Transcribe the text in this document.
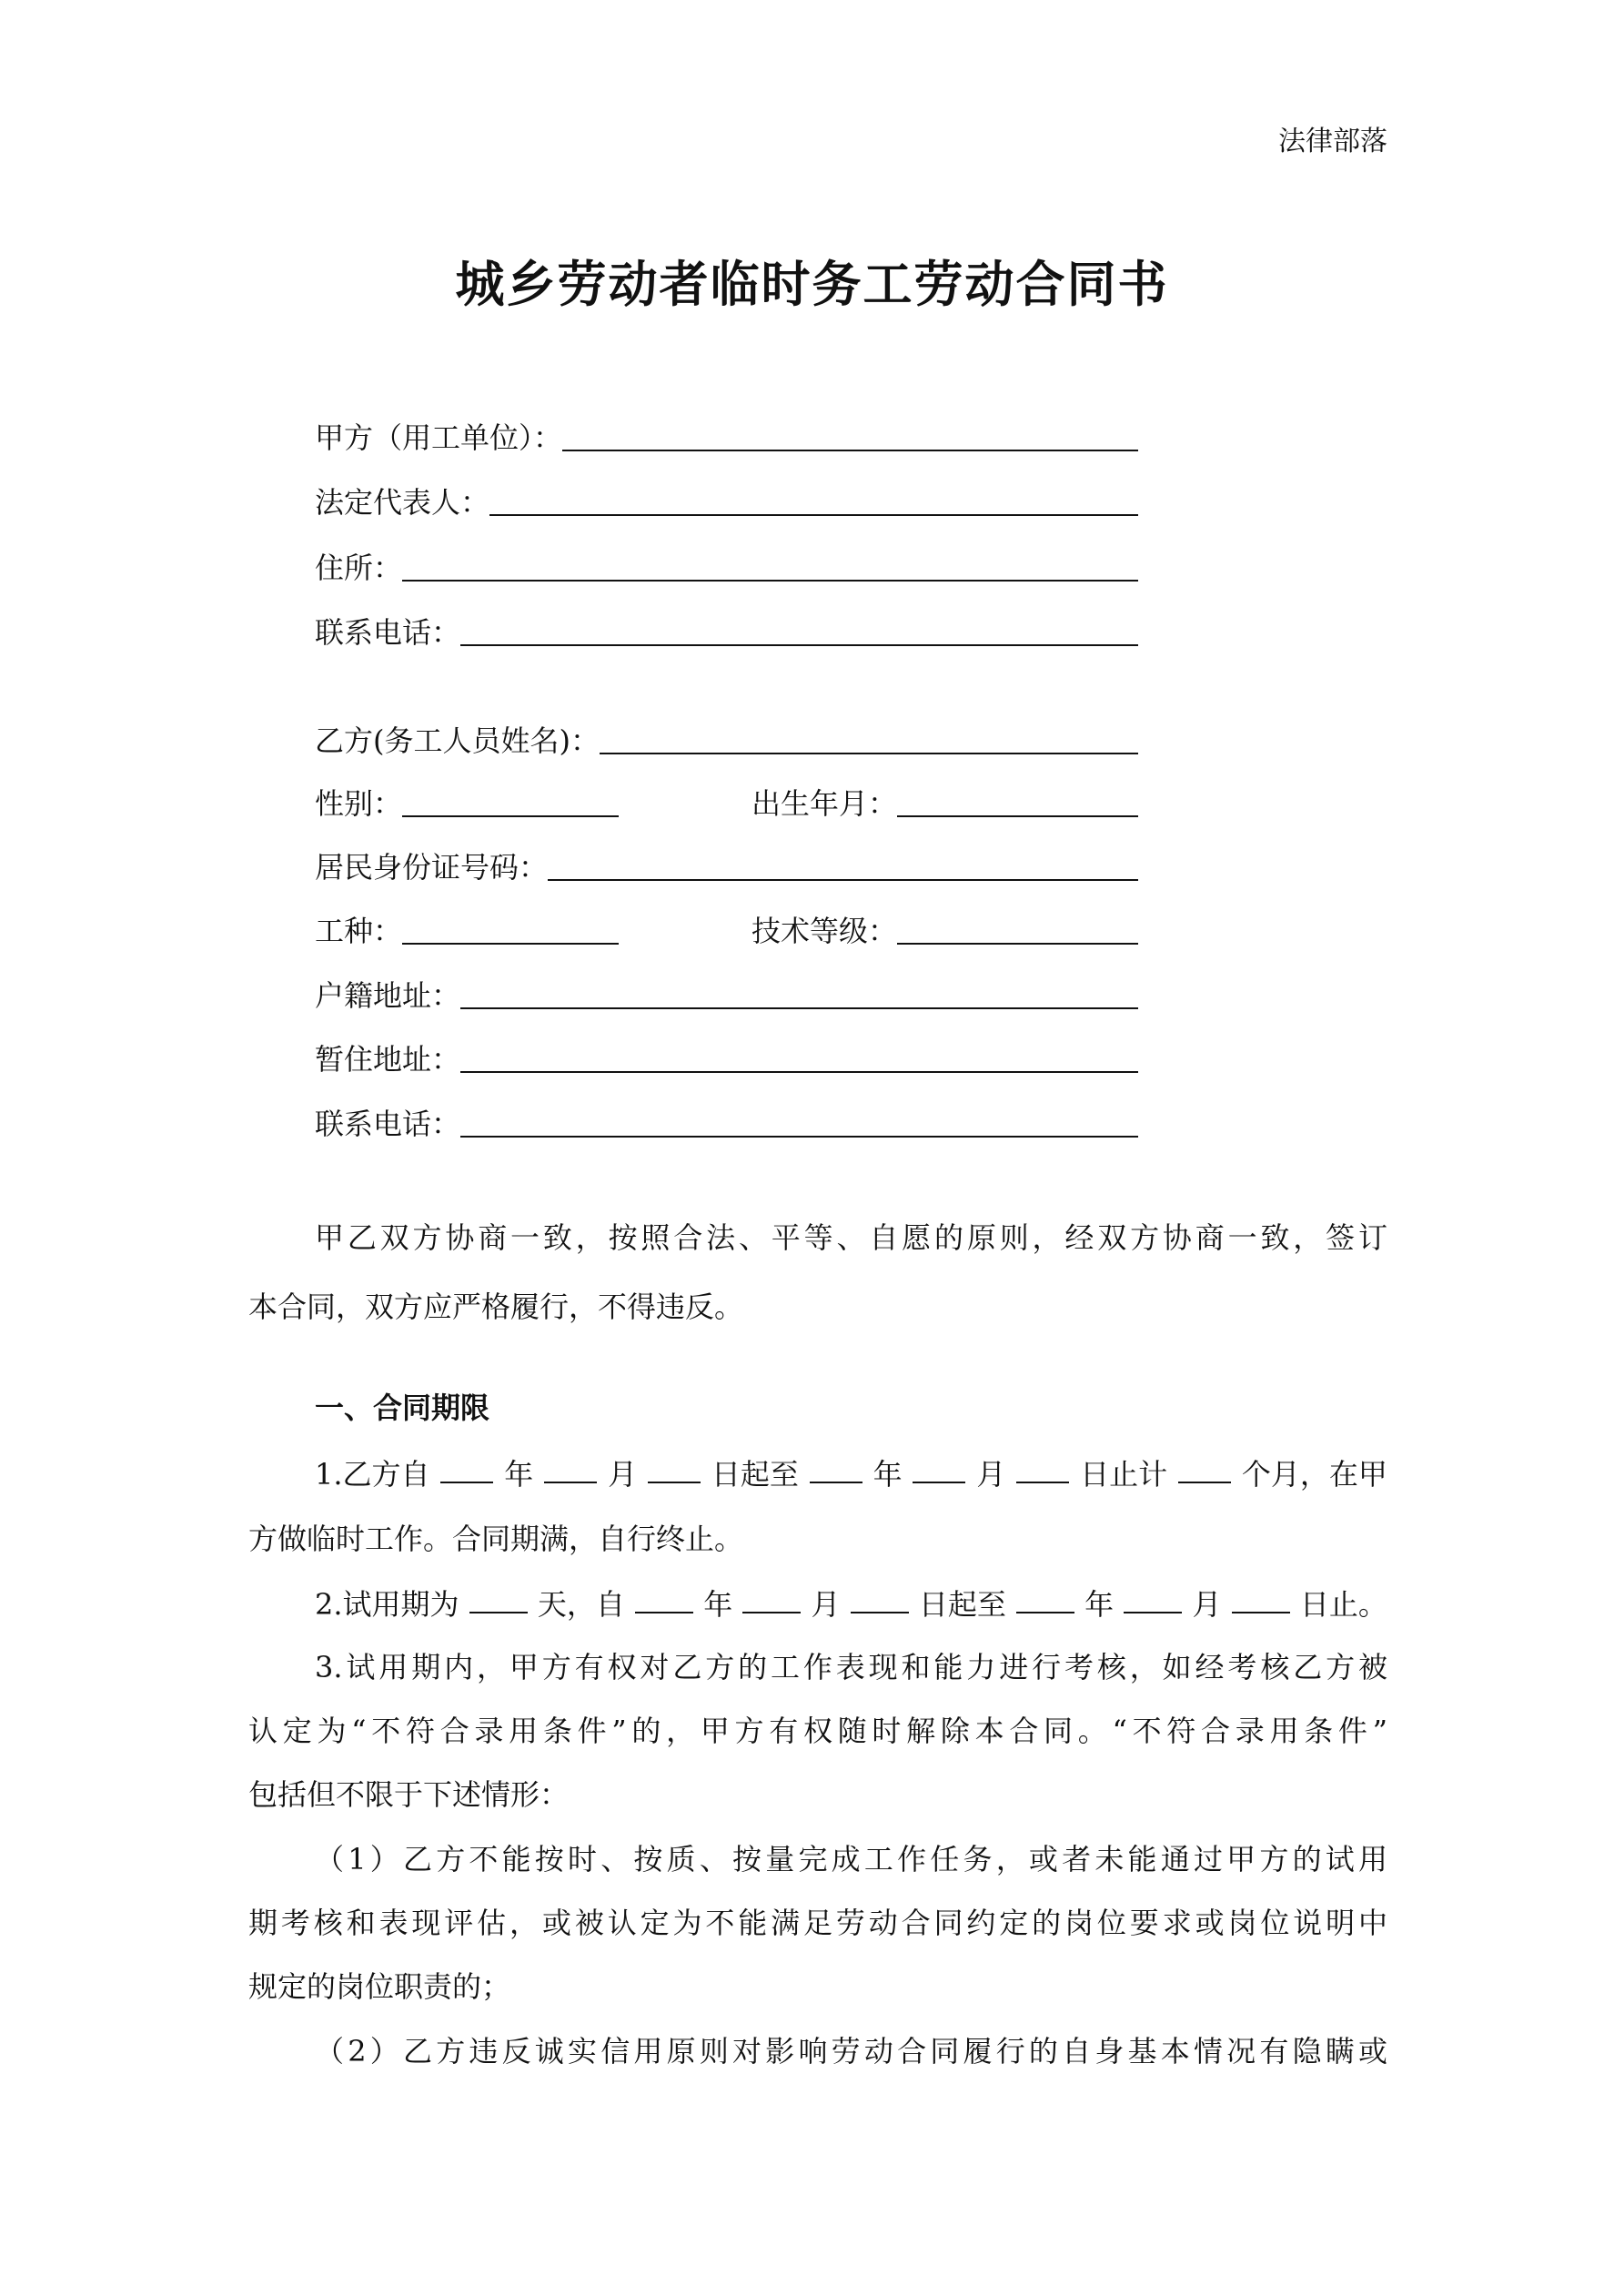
法律部落
城乡劳动者临时务工劳动合同书
甲方（用工单位）：
法定代表人：
住所：
联系电话：
乙方(务工人员姓名)：
性别：	出生年月：
居民身份证号码：
工种：	技术等级：
户籍地址：
暂住地址：
联系电话：
甲乙双方协商一致，按照合法、平等、自愿的原则，经双方协商一致，签订
本合同，双方应严格履行，不得违反。
一、合同期限
1.乙方自	年	月	日起至	年	月	日止计	个月，在甲
方做临时工作。合同期满，自行终止。
2.试用期为	天，自	年	月	日起至	年	月	日止。
3.试用期内，甲方有权对乙方的工作表现和能力进行考核，如经考核乙方被
认定为“不符合录用条件”的，甲方有权随时解除本合同。“不符合录用条件”
包括但不限于下述情形：
（1）乙方不能按时、按质、按量完成工作任务，或者未能通过甲方的试用
期考核和表现评估，或被认定为不能满足劳动合同约定的岗位要求或岗位说明中
规定的岗位职责的；
（2）乙方违反诚实信用原则对影响劳动合同履行的自身基本情况有隐瞒或
